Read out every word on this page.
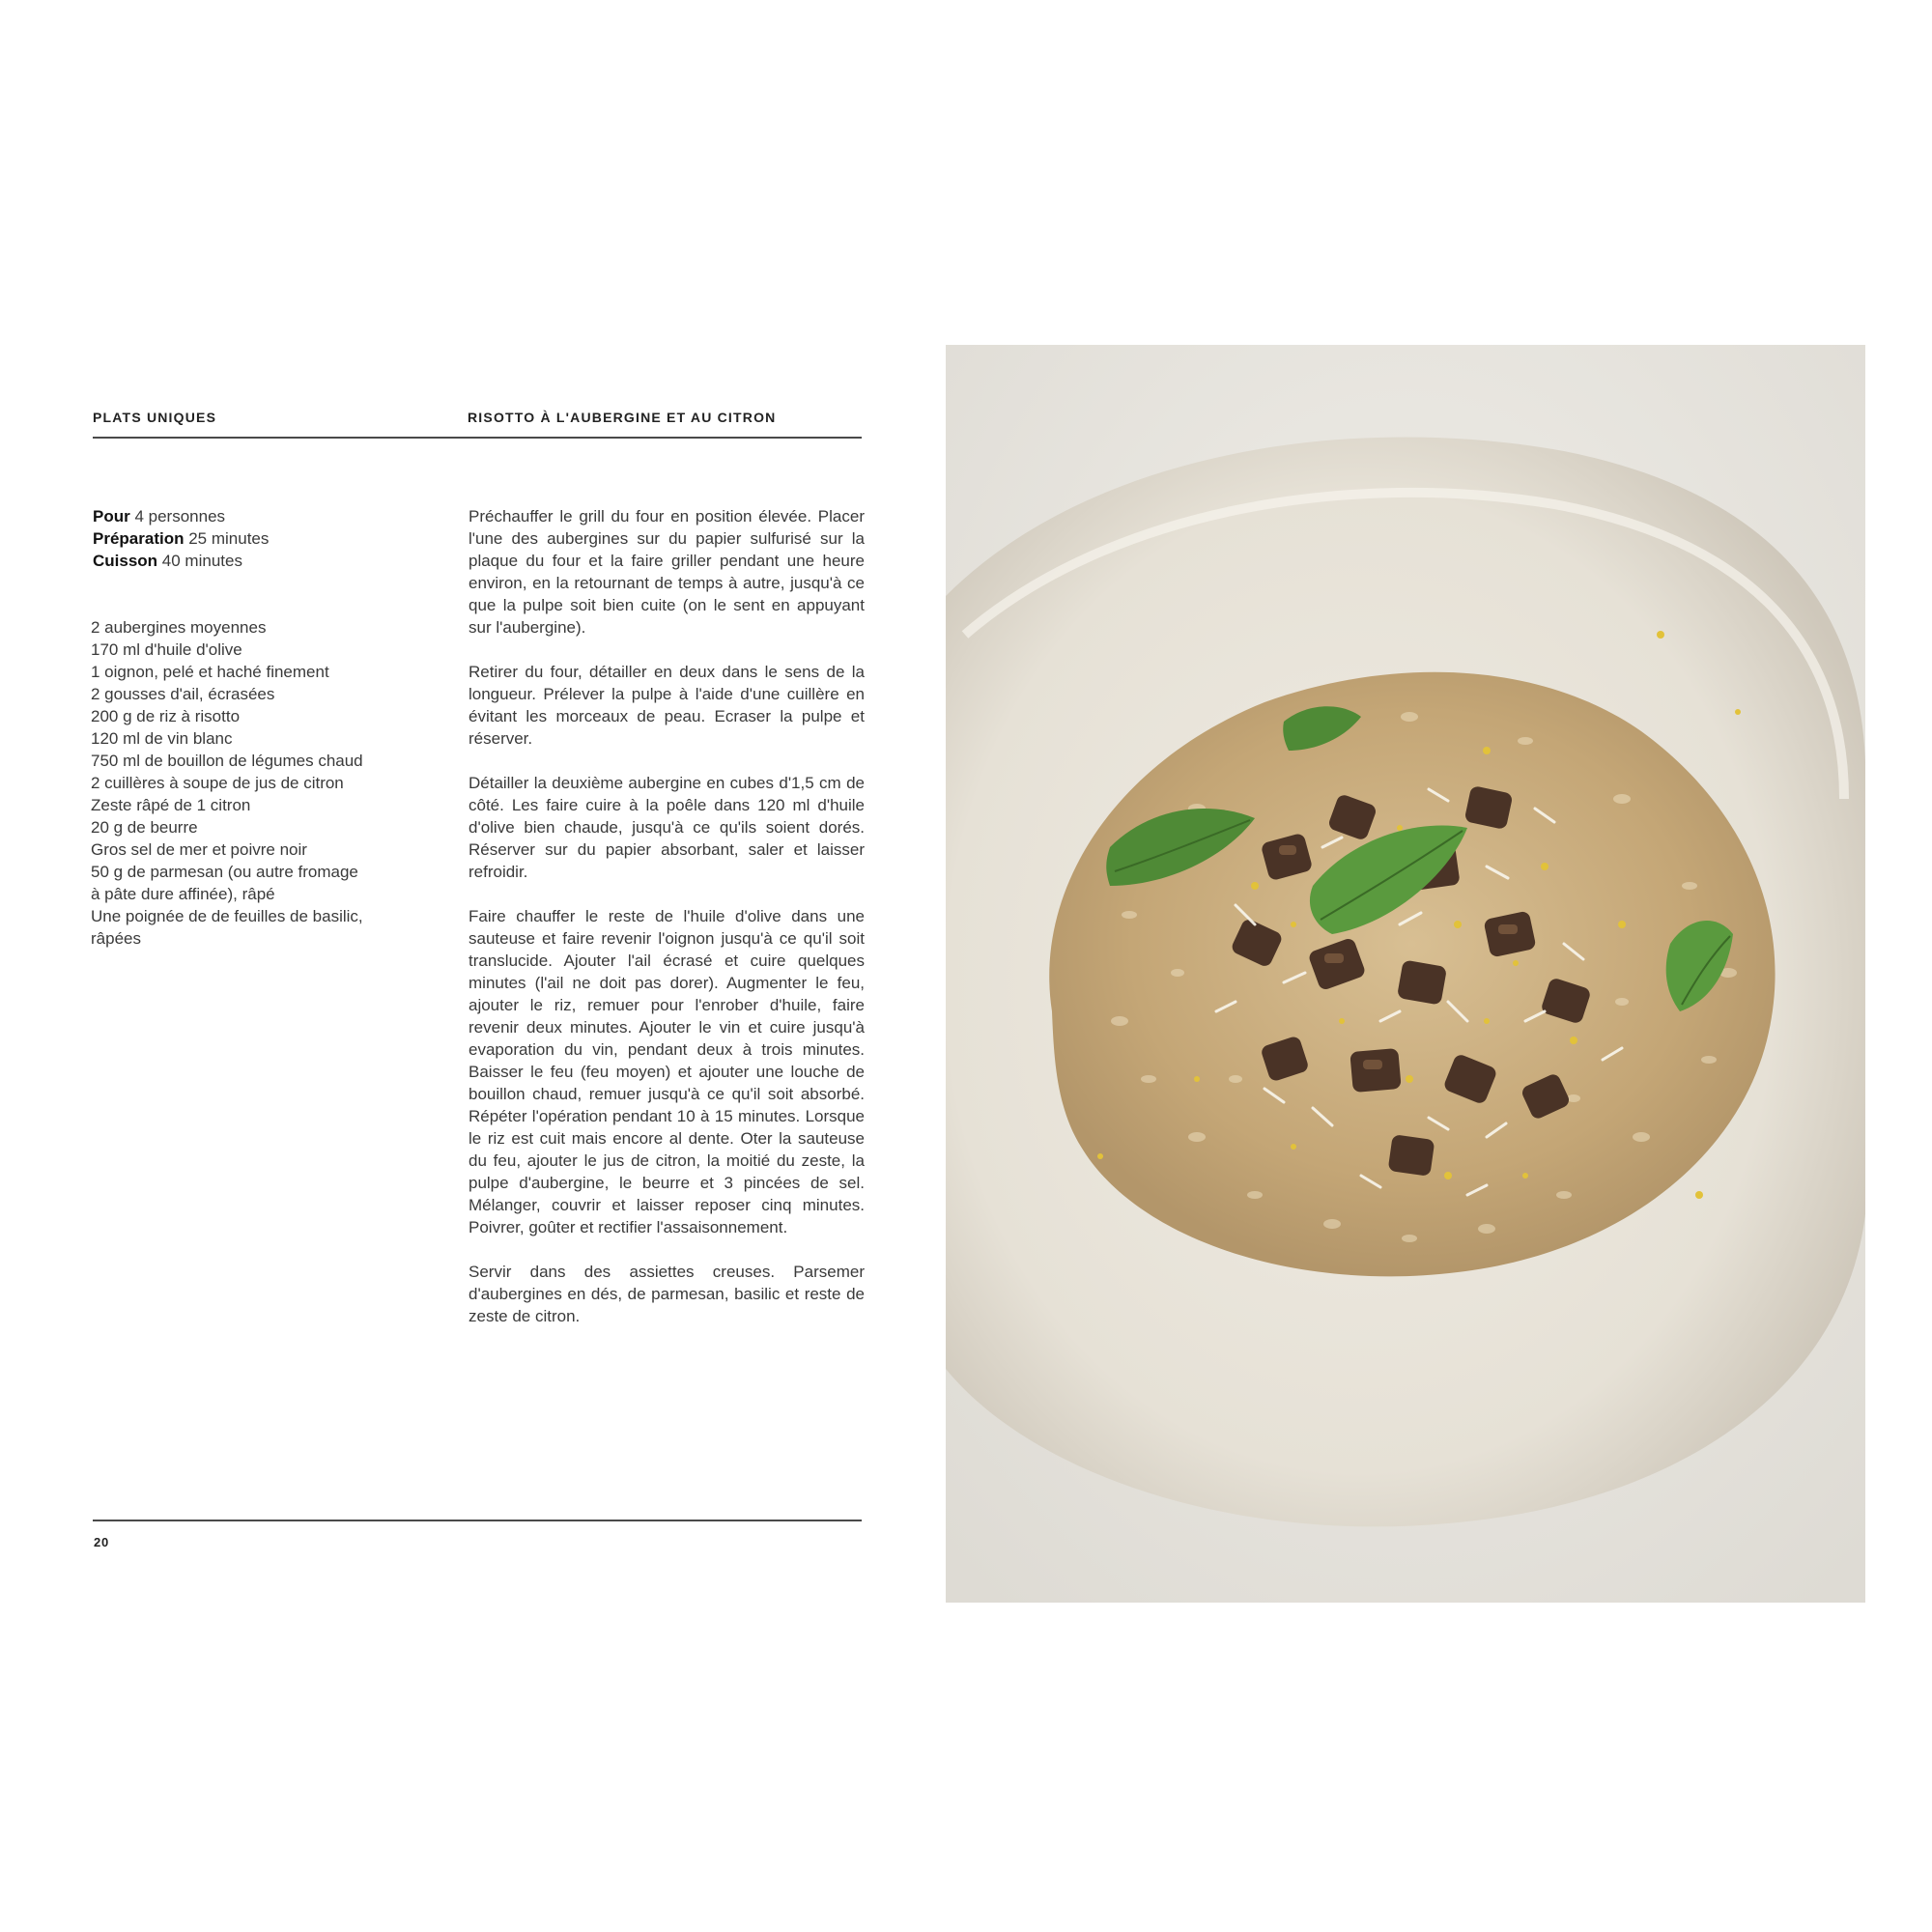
PLATS UNIQUES	RISOTTO À L'AUBERGINE ET AU CITRON
Pour 4 personnes
Préparation 25 minutes
Cuisson 40 minutes
2 aubergines moyennes
170 ml d'huile d'olive
1 oignon, pelé et haché finement
2 gousses d'ail, écrasées
200 g de riz à risotto
120 ml de vin blanc
750 ml de bouillon de légumes chaud
2 cuillères à soupe de jus de citron
Zeste râpé de 1 citron
20 g de beurre
Gros sel de mer et poivre noir
50 g de parmesan (ou autre fromage
à pâte dure affinée), râpé
Une poignée de de feuilles de basilic,
râpées

Préchauffer le grill du four en position élevée. Placer l'une des aubergines sur du papier sulfurisé sur la plaque du four et la faire griller pendant une heure environ, en la retournant de temps à autre, jusqu'à ce que la pulpe soit bien cuite (on le sent en appuyant sur l'aubergine).

Retirer du four, détailler en deux dans le sens de la longueur. Prélever la pulpe à l'aide d'une cuillère en évitant les morceaux de peau. Ecraser la pulpe et réserver.

Détailler la deuxième aubergine en cubes d'1,5 cm de côté. Les faire cuire à la poêle dans 120 ml d'huile d'olive bien chaude, jusqu'à ce qu'ils soient dorés. Réserver sur du papier absorbant, saler et laisser refroidir.

Faire chauffer le reste de l'huile d'olive dans une sauteuse et faire revenir l'oignon jusqu'à ce qu'il soit translucide. Ajouter l'ail écrasé et cuire quelques minutes (l'ail ne doit pas dorer). Augmenter le feu, ajouter le riz, remuer pour l'enrober d'huile, faire revenir deux minutes. Ajouter le vin et cuire jusqu'à evaporation du vin, pendant deux à trois minutes. Baisser le feu (feu moyen) et ajouter une louche de bouillon chaud, remuer jusqu'à ce qu'il soit absorbé. Répéter l'opération pendant 10 à 15 minutes. Lorsque le riz est cuit mais encore al dente. Oter la sauteuse du feu, ajouter le jus de citron, la moitié du zeste, la pulpe d'aubergine, le beurre et 3 pincées de sel. Mélanger, couvrir et laisser reposer cinq minutes. Poivrer, goûter et rectifier l'assaisonnement.

Servir dans des assiettes creuses. Parsemer d'aubergines en dés, de parmesan, basilic et reste de zeste de citron.

20
